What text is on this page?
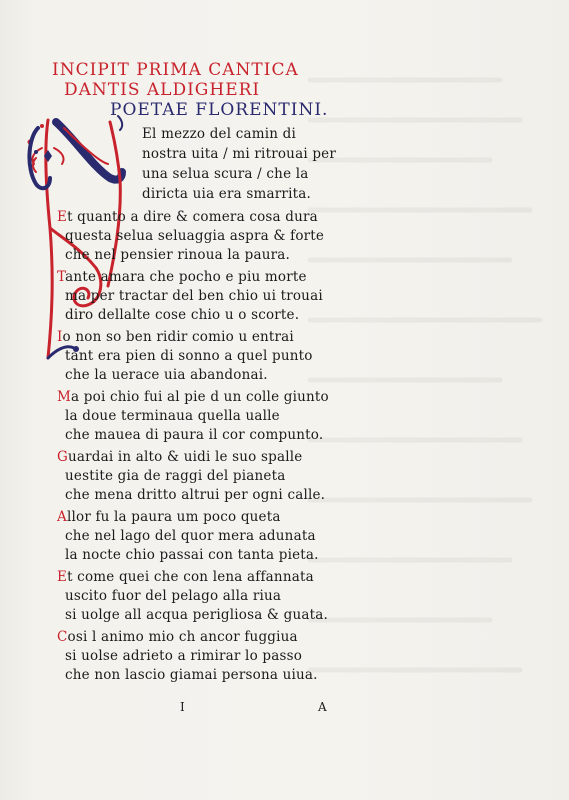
INCIPIT PRIMA CANTICA
DANTIS ALDIGHERI
POETAE FLORENTINI.
El mezzo del camin di
nostra uita / mi ritrouai per
una selua scura / che la
diricta uia era smarrita.
Et quanto a dire & comera cosa dura
questa selua seluaggia aspra & forte
che nel pensier rinoua la paura.
Tante amara che pocho e piu morte
ma per tractar del ben chio ui trouai
diro dellalte cose chio u o scorte.
Io non so ben ridir comio u entrai
tant era pien di sonno a quel punto
che la uerace uia abandonai.
Ma poi chio fui al pie d un colle giunto
la doue terminaua quella ualle
che mauea di paura il cor compunto.
Guardai in alto & uidi le suo spalle
uestite gia de raggi del pianeta
che mena dritto altrui per ogni calle.
Allor fu la paura um poco queta
che nel lago del quor mera adunata
la nocte chio passai con tanta pieta.
Et come quei che con lena affannata
uscito fuor del pelago alla riua
si uolge all acqua perigliosa & guata.
Cosi l animo mio ch ancor fuggiua
si uolse adrieto a rimirar lo passo
che non lascio giamai persona uiua.
I	A
